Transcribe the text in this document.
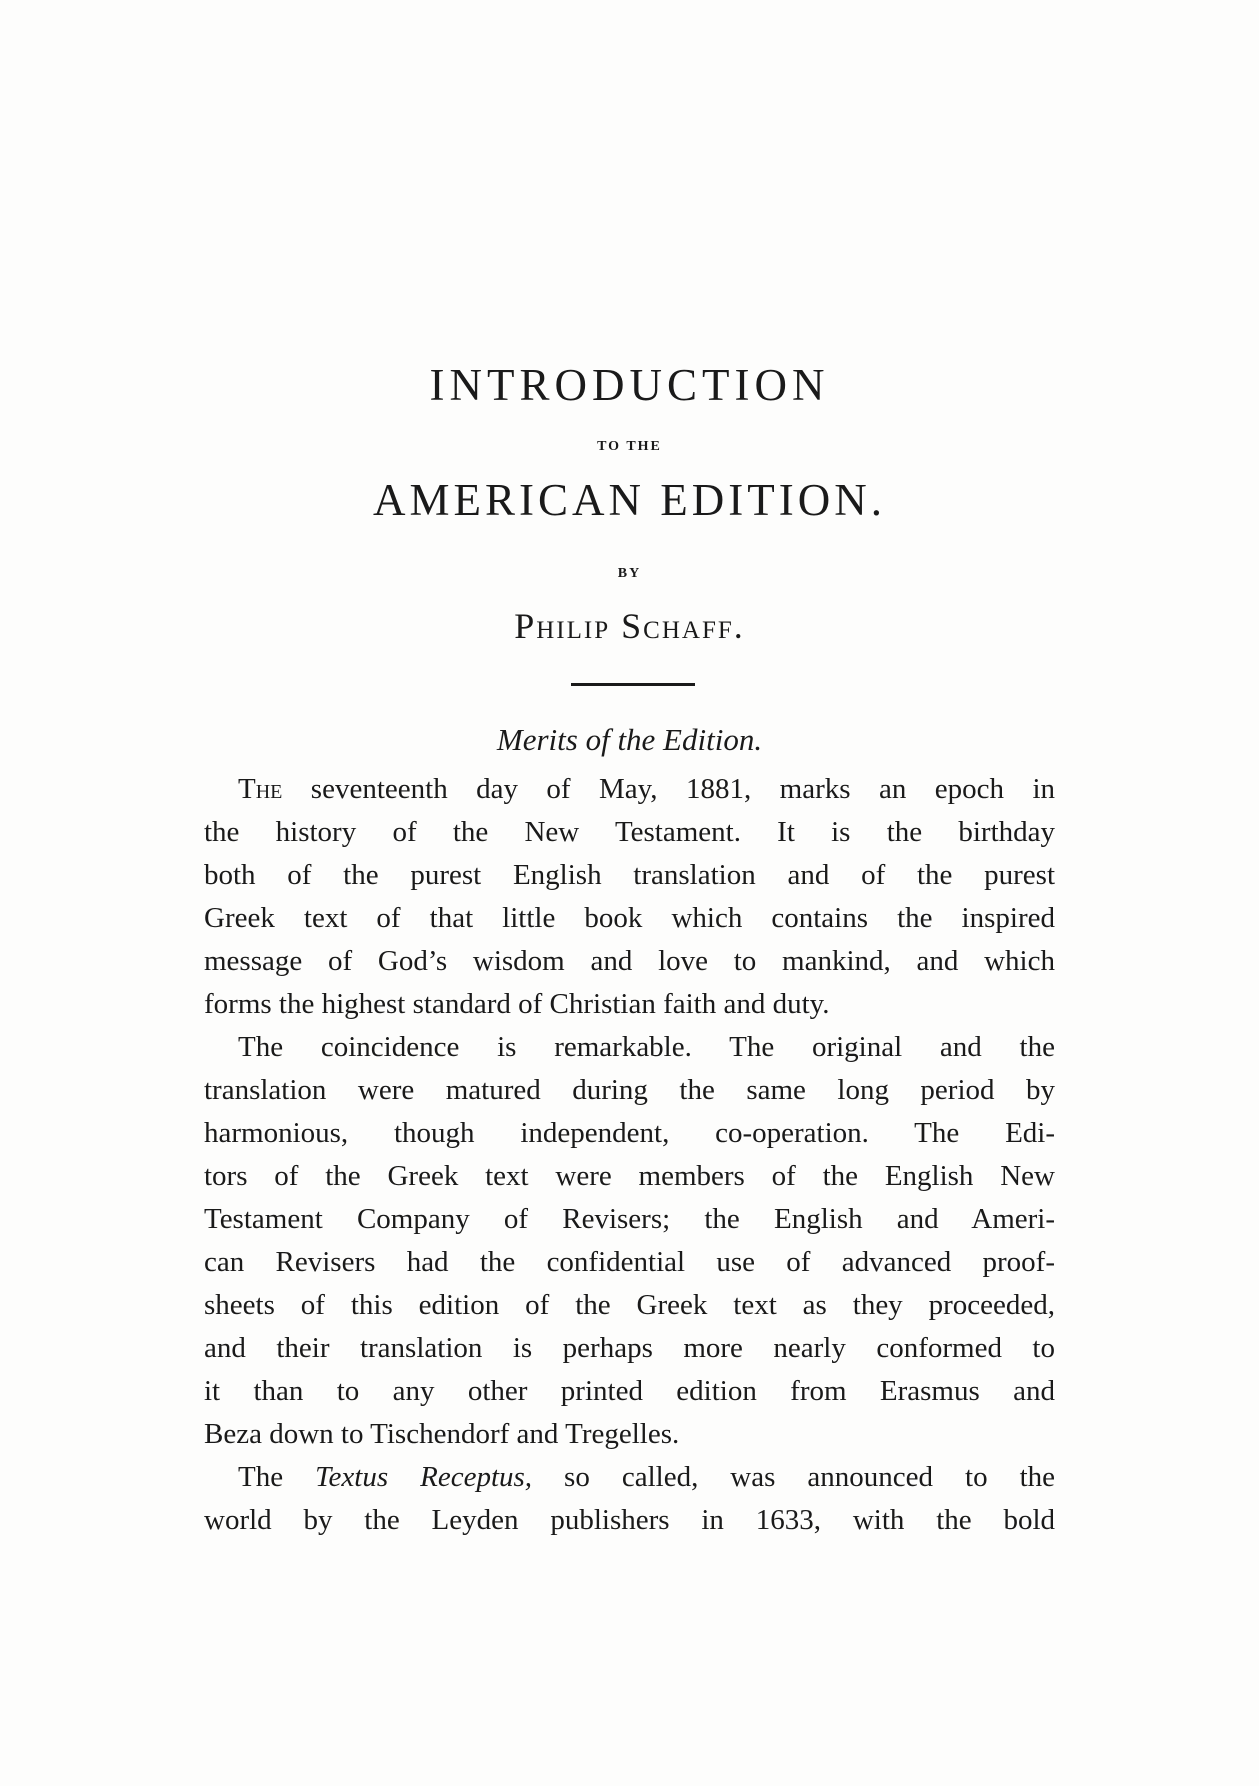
INTRODUCTION
TO THE
AMERICAN EDITION.
BY
Philip Schaff.
Merits of the Edition.
The seventeenth day of May, 1881, marks an epoch in
the history of the New Testament. It is the birthday
both of the purest English translation and of the purest
Greek text of that little book which contains the inspired
message of God’s wisdom and love to mankind, and which
forms the highest standard of Christian faith and duty.
The coincidence is remarkable. The original and the
translation were matured during the same long period by
harmonious, though independent, co-operation. The Edi-
tors of the Greek text were members of the English New
Testament Company of Revisers; the English and Ameri-
can Revisers had the confidential use of advanced proof-
sheets of this edition of the Greek text as they proceeded,
and their translation is perhaps more nearly conformed to
it than to any other printed edition from Erasmus and
Beza down to Tischendorf and Tregelles.
The Textus Receptus, so called, was announced to the
world by the Leyden publishers in 1633, with the bold
